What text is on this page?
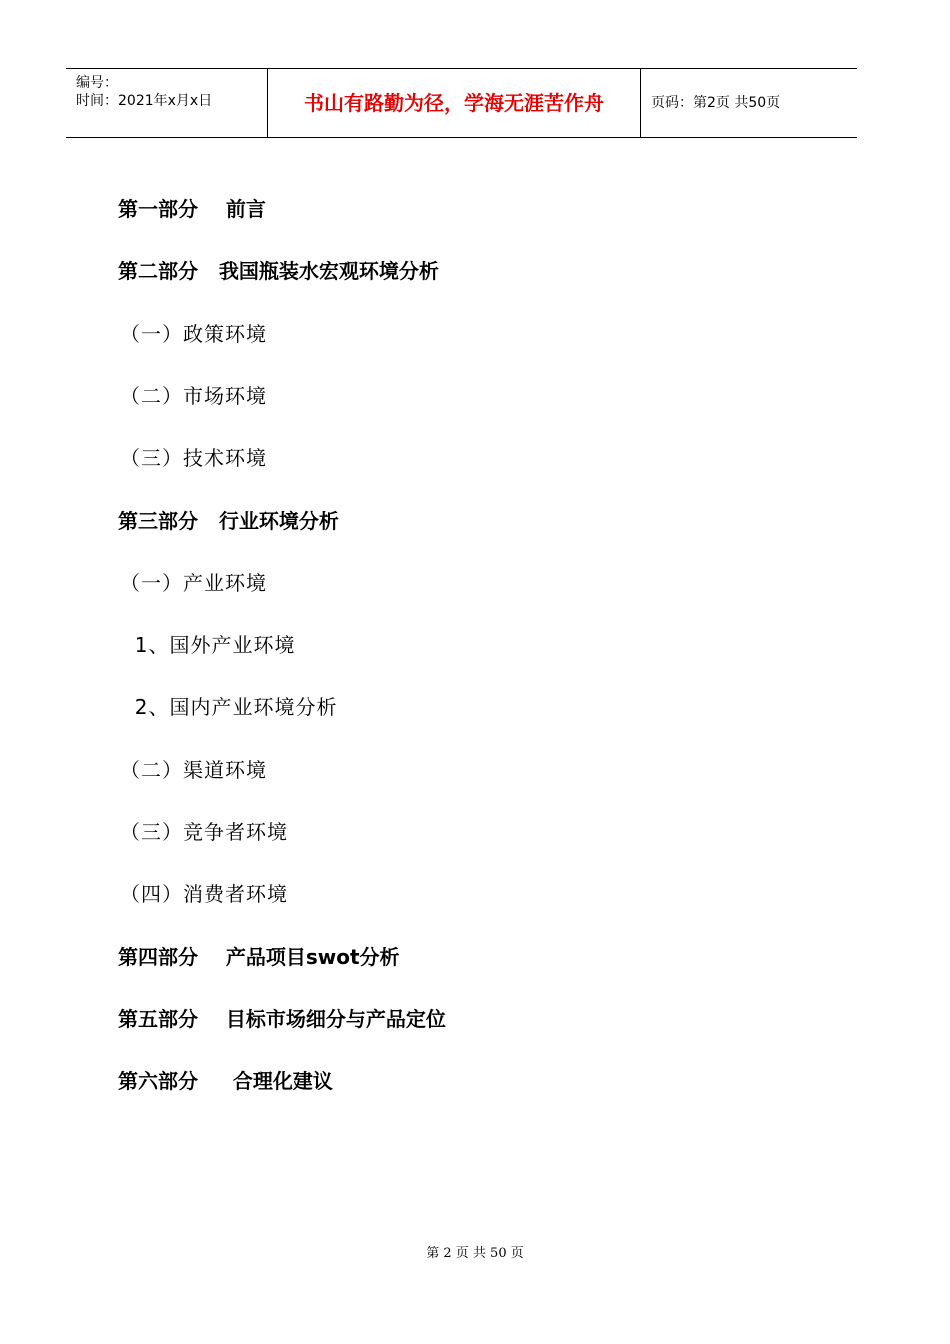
编号：
时间：2021年x月x日	书山有路勤为径，学海无涯苦作舟	页码：第2页 共50页
第一部分    前言
第二部分   我国瓶装水宏观环境分析
（一）政策环境
（二）市场环境
（三）技术环境
第三部分   行业环境分析
（一）产业环境
1、国外产业环境
2、国内产业环境分析
（二）渠道环境
（三）竞争者环境
（四）消费者环境
第四部分    产品项目swot分析
第五部分    目标市场细分与产品定位
第六部分     合理化建议
第 2 页 共 50 页
